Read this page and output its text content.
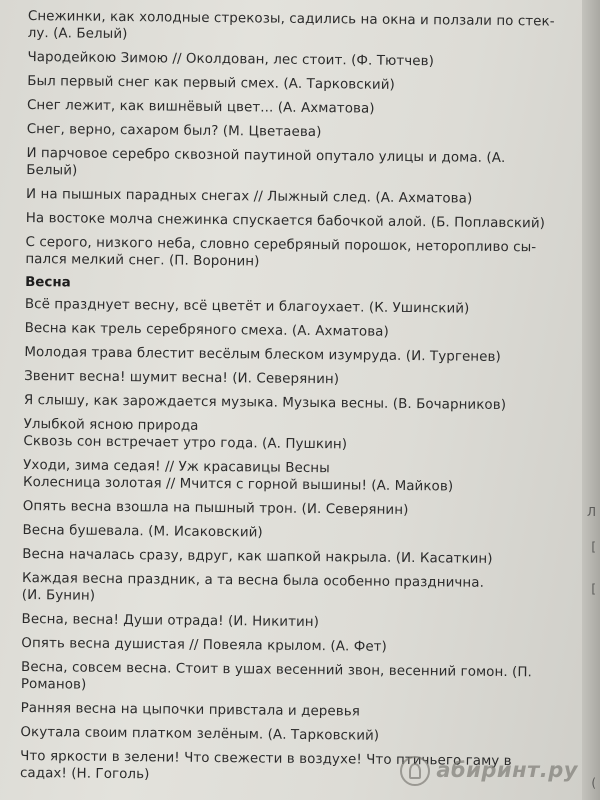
Снежинки, как холодные стрекозы, садились на окна и ползали по стек-
лу. (А. Белый)
Чародейкою Зимою // Околдован, лес стоит. (Ф. Тютчев)
Был первый снег как первый смех. (А. Тарковский)
Снег лежит, как вишнёвый цвет... (А. Ахматова)
Снег, верно, сахаром был? (М. Цветаева)
И парчовое серебро сквозной паутиной опутало улицы и дома. (А.
Белый)
И на пышных парадных снегах // Лыжный след. (А. Ахматова)
На востоке молча снежинка спускается бабочкой алой. (Б. Поплавский)
С серого, низкого неба, словно серебряный порошок, неторопливо сы-
пался мелкий снег. (П. Воронин)
Весна
Всё празднует весну, всё цветёт и благоухает. (К. Ушинский)
Весна как трель серебряного смеха. (А. Ахматова)
Молодая трава блестит весёлым блеском изумруда. (И. Тургенев)
Звенит весна! шумит весна! (И. Северянин)
Я слышу, как зарождается музыка. Музыка весны. (В. Бочарников)
Улыбкой ясною природа
Сквозь сон встречает утро года. (А. Пушкин)
Уходи, зима седая! // Уж красавицы Весны
Колесница золотая // Мчится с горной вышины! (А. Майков)
Опять весна взошла на пышный трон. (И. Северянин)
Весна бушевала. (М. Исаковский)
Весна началась сразу, вдруг, как шапкой накрыла. (И. Касаткин)
Каждая весна праздник, а та весна была особенно празднична.
(И. Бунин)
Весна, весна! Души отрада! (И. Никитин)
Опять весна душистая // Повеяла крылом. (А. Фет)
Весна, совсем весна. Стоит в ушах весенний звон, весенний гомон. (П.
Романов)
Ранняя весна на цыпочки привстала и деревья
Окутала своим платком зелёным. (А. Тарковский)
Что яркости в зелени! Что свежести в воздухе! Что птичьего гаму в
садах! (Н. Гоголь)
Л
[
[
(
абиринт.ру
